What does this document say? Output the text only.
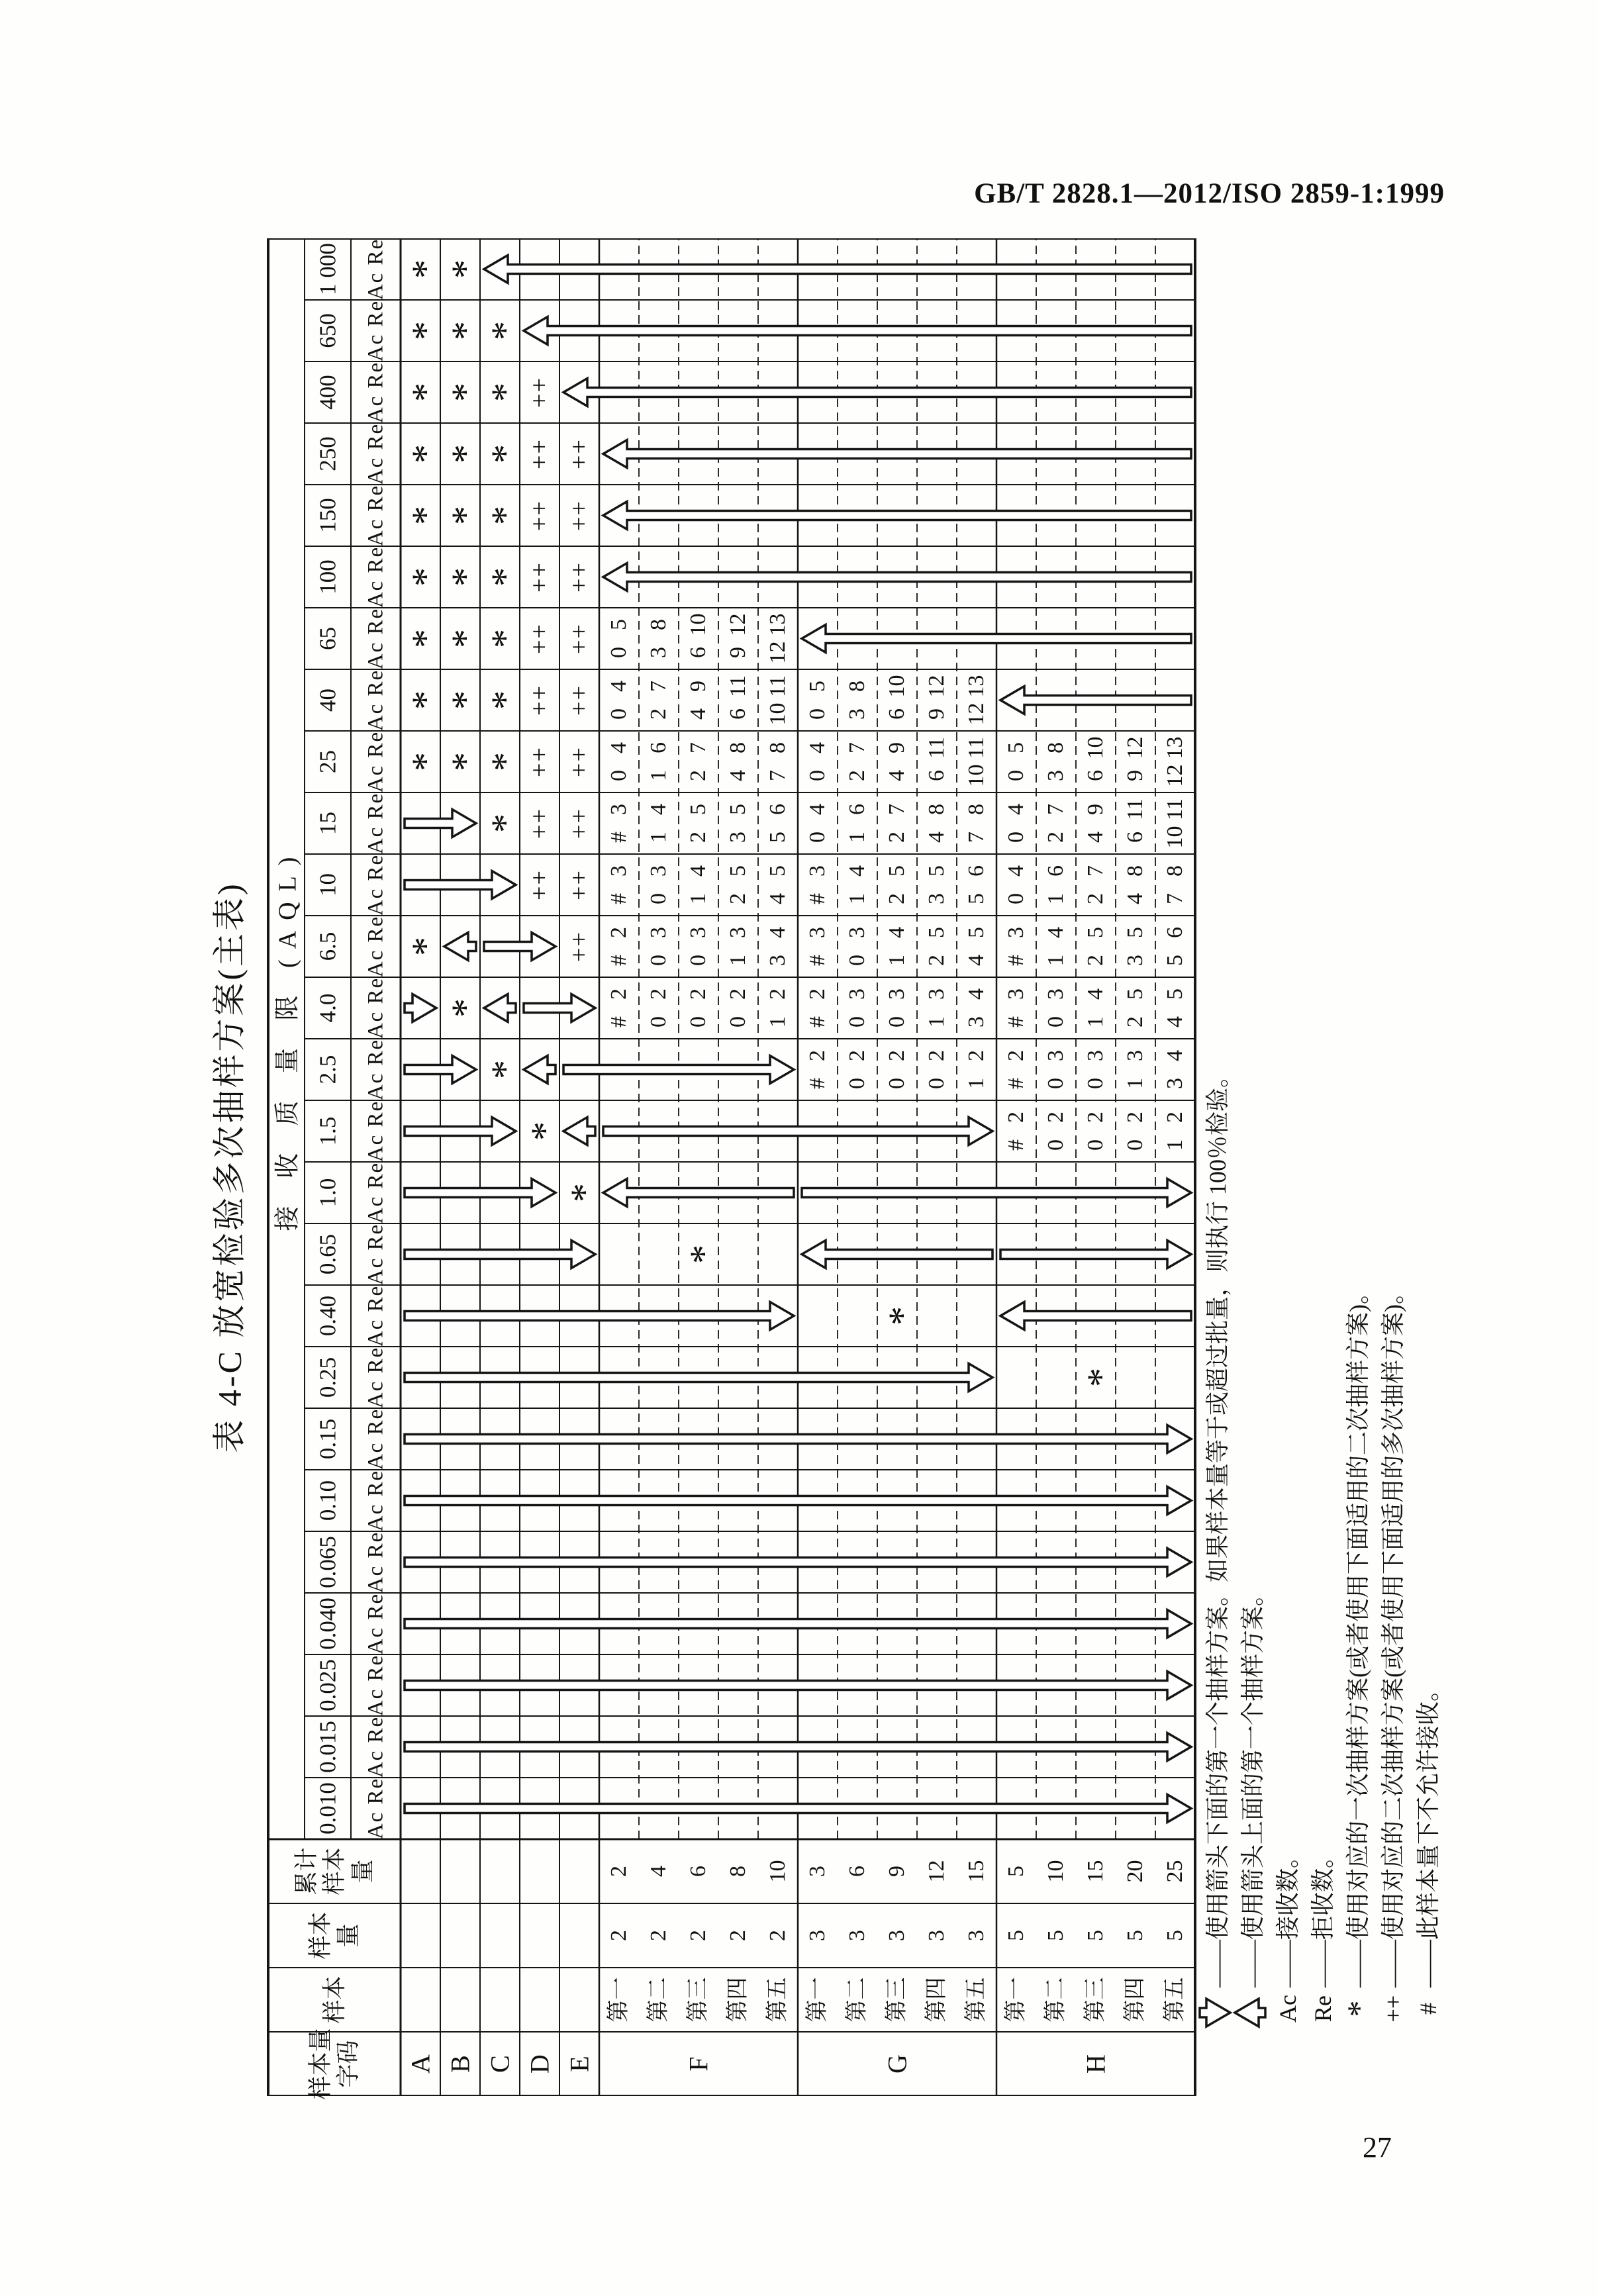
GB/T 2828.1—2012/ISO 2859-1:1999
表 4-C 放宽检验多次抽样方案(主表)
样本量 字码
样本
样本 量
累计 样本 量
接 收 质 量 限 (AQL)
0.010 Ac Re
0.015 Ac Re
0.025 Ac Re
0.040 Ac Re
0.065 Ac Re
0.10 Ac Re
0.15 Ac Re
0.25 Ac Re
0.40 Ac Re
0.65 Ac Re
1.0 Ac Re
1.5 Ac Re
2.5 Ac Re
4.0 Ac Re
6.5 Ac Re
10 Ac Re
15 Ac Re
25 Ac Re
40 Ac Re
65 Ac Re
100 Ac Re
150 Ac Re
250 Ac Re
400 Ac Re
650 Ac Re
1 000 Ac Re
A B C D E	F
第一
2
2
第二
2
4
第三
2
6
第四
2
8
第五
2
10
G
第一
3
3
第二
3
6
第三
3
9
第四
3
12
第五
3
15
H
第一
5
5
第二
5
10
第三
5
15
第四
5
20
第五
5
25
0
5
3
8
6
10
9
12
12
13
0
4
2
7
4
9
6
11
10
11
0
4
1
6
2
7
4
8
7
8
#
3
1
4
2
5
3
5
5
6
#
3
0
3
1
4
2
5
4
5
#
2
0
3
0
3
1
3
3
4
#
2
0
2
0
2
0
2
1
2
0
5
3
8
6
10
9
12
12
13
0
4
2
7
4
9
6
11
10
11
0
4
1
6
2
7
4
8
7
8
#
3
1
4
2
5
3
5
5
6
#
3
0
3
1
4
2
5
4
5
#
2
0
3
0
3
1
3
3
4
#
2
0
2
0
2
0
2
1
2
0
5
3
8
6
10
9
12
12
13
0
4
2
7
4
9
6
11
10
11
0
4
1
6
2
7
4
8
7
8
#
3
1
4
2
5
3
5
5
6
#
3
0
3
1
4
2
5
4
5
#
2
0
3
0
3
1
3
3
4
#
2
0
2
0
2
0
2
1
2
*
*
*
*
*
*
*
*
*
*
*
*
*
*
*
*
*
*
*
*
*
*
*
*
*
*
*
*
*
*
*
*
*
*
*
++ ++
++ ++
++ ++
++ ++
++ ++
++ ++
++ ++
++ ++
++
++
——使用箭头下面的第一个抽样方案。如果样本量等于或超过批量，则执行 100％检验。 ——使用箭头上面的第一个抽样方案。
Ac——接收数。
Re——拒收数。
*——使用对应的一次抽样方案(或者使用下面适用的二次抽样方案)。
++——使用对应的二次抽样方案(或者使用下面适用的多次抽样方案)。
#——此样本量下不允许接收。
27
